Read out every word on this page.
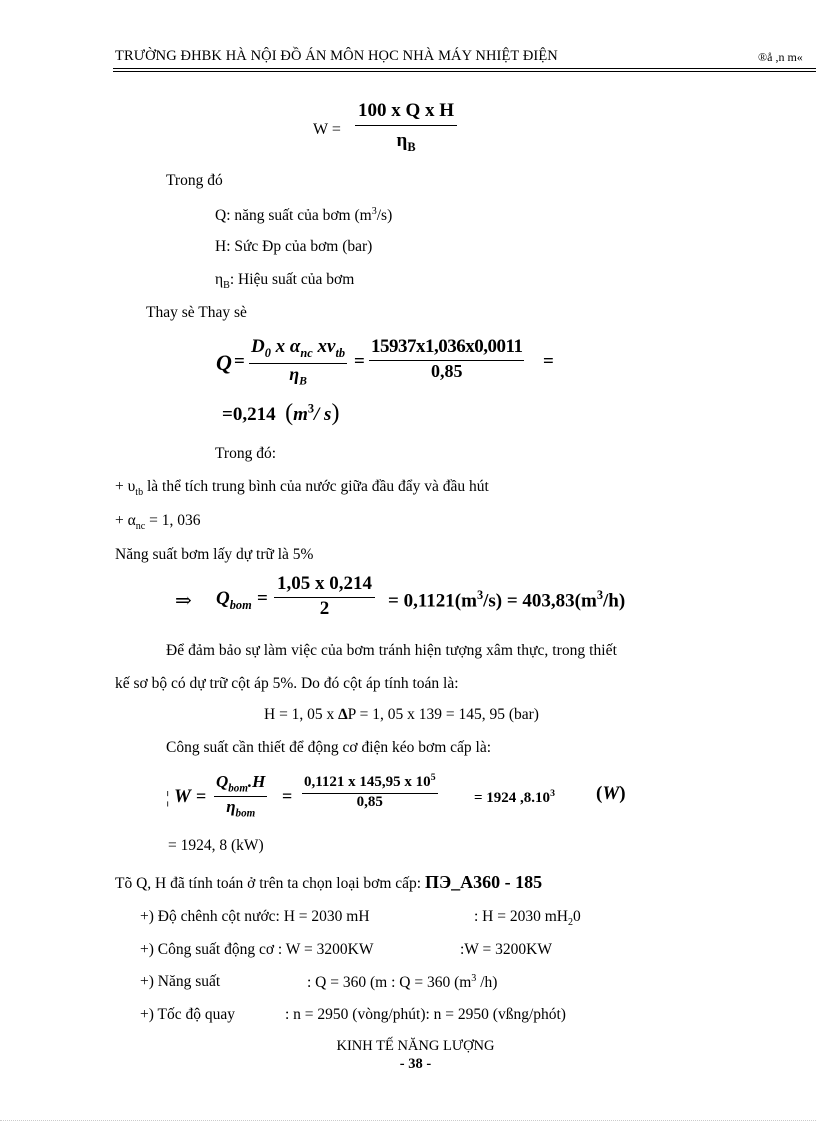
TRƯỜNG ĐHBK HÀ NỘI ĐỒ ÁN MÔN HỌC NHÀ MÁY NHIỆT ĐIỆN	®å ,n m«
W =
100 x Q x H
$\eta_B$
Trong đó
Q: năng suất của bơm $(m^3/s)$
H: Sức Ðp của bơm (bar)
$\eta_B$: Hiệu suất của bơm
Thay sè Thay sè
Q =
$D_0$ x $\alpha_{nc}$ $xv_{tb}$
$\eta_B$
=
15937x1,036x0,0011
0,85	=
=0,214 ($m^3/$ s)
Trong đó:
+ $\upsilon_{tb}$ là thể tích trung bình của nước giữa đầu đẩy và đầu hút
+ $\alpha_{nc} = 1$, 036
Năng suất bơm lấy dự trữ là 5%
⇒ $Q_{bom}$ =
1,05 x 0,214
2	= $0,1121(m^3/s) = 403,83(m^3/h)$
Để đảm bảo sự làm việc của bơm tránh hiện tượng xâm thực, trong thiết
kế sơ bộ có dự trữ cột áp 5%. Do đó cột áp tính toán là:
H = 1, 05 x ∆P = 1, 05 x 139 = 145, 95 (bar)
Công suất cần thiết để động cơ điện kéo bơm cấp là:
¦ W =
$Q_{bom}.H$
$\eta_{bom}$
=
0,1121 x 145,95 x $10^5$
0,85	= 1924 ,8.10$^3$ (W)
= 1924, 8 (kW)
Tõ Q, H đã tính toán ở trên ta chọn loại bơm cấp: ПЭ_А360 - 185
+) Độ chênh cột nước: H = 2030 mH	: H = 2030 $mH_20$
+) Công suất động cơ : W = 3200KW	:W = 3200KW
+) Năng suất	: Q = 360 (m : Q = 360 ($m^3$ /h)
+) Tốc độ quay	: n = 2950 (vòng/phút): n = 2950 (vßng/phót)
KINH TẾ NĂNG LƯỢNG
- 38 -
